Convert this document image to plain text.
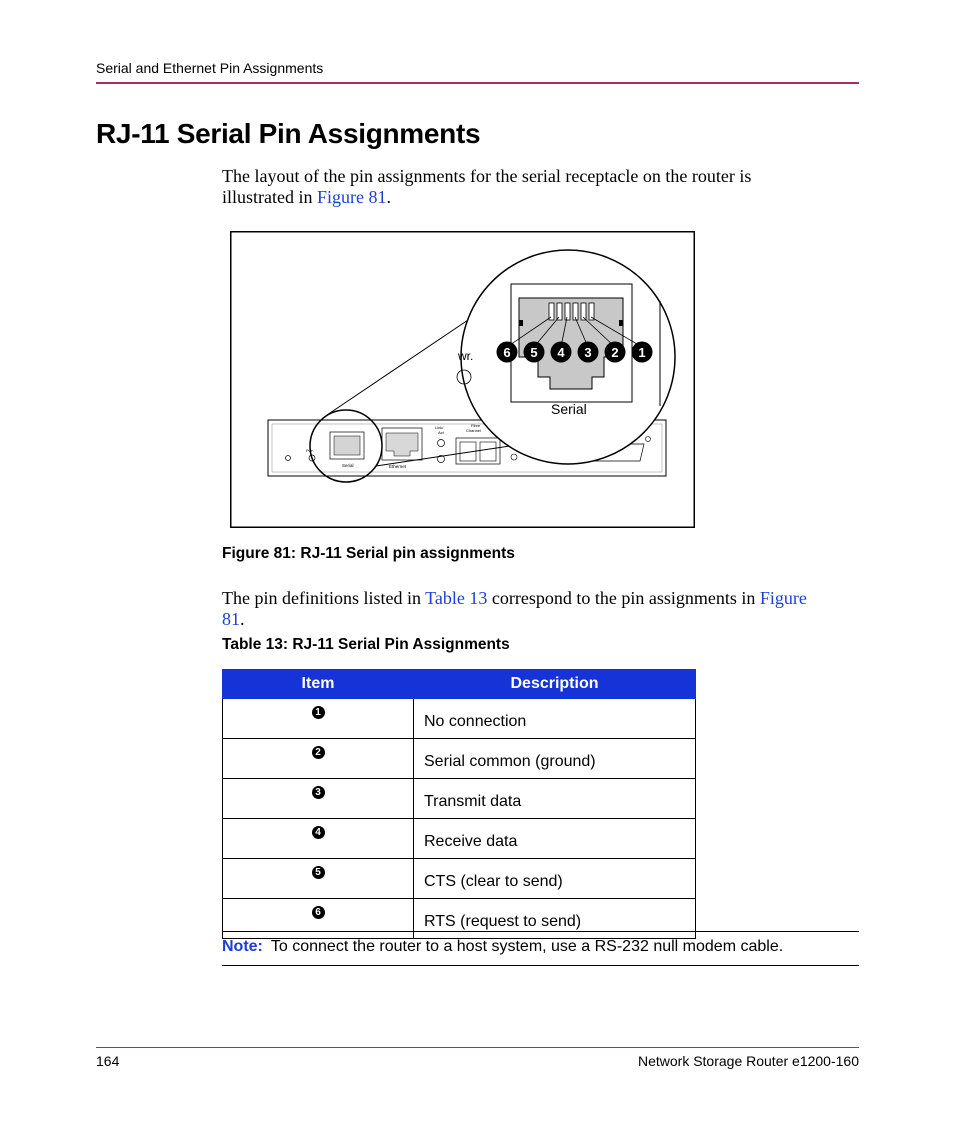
Serial and Ethernet Pin Assignments
RJ-11 Serial Pin Assignments
The layout of the pin assignments for the serial receptacle on the router is illustrated in Figure 81.
Pwr.
Serial	Ethernet
Link/
Act
Fibre
Channel
wr. 6 5 4 3 2 1
Serial
Figure 81: RJ-11 Serial pin assignments
The pin definitions listed in Table 13 correspond to the pin assignments in Figure 81.
Table 13: RJ-11 Serial Pin Assignments
Item	Description
1	No connection
2	Serial common (ground)
3	Transmit data
4	Receive data
5	CTS (clear to send)
6	RTS (request to send)
Note: To connect the router to a host system, use a RS-232 null modem cable.
164	Network Storage Router e1200-160
